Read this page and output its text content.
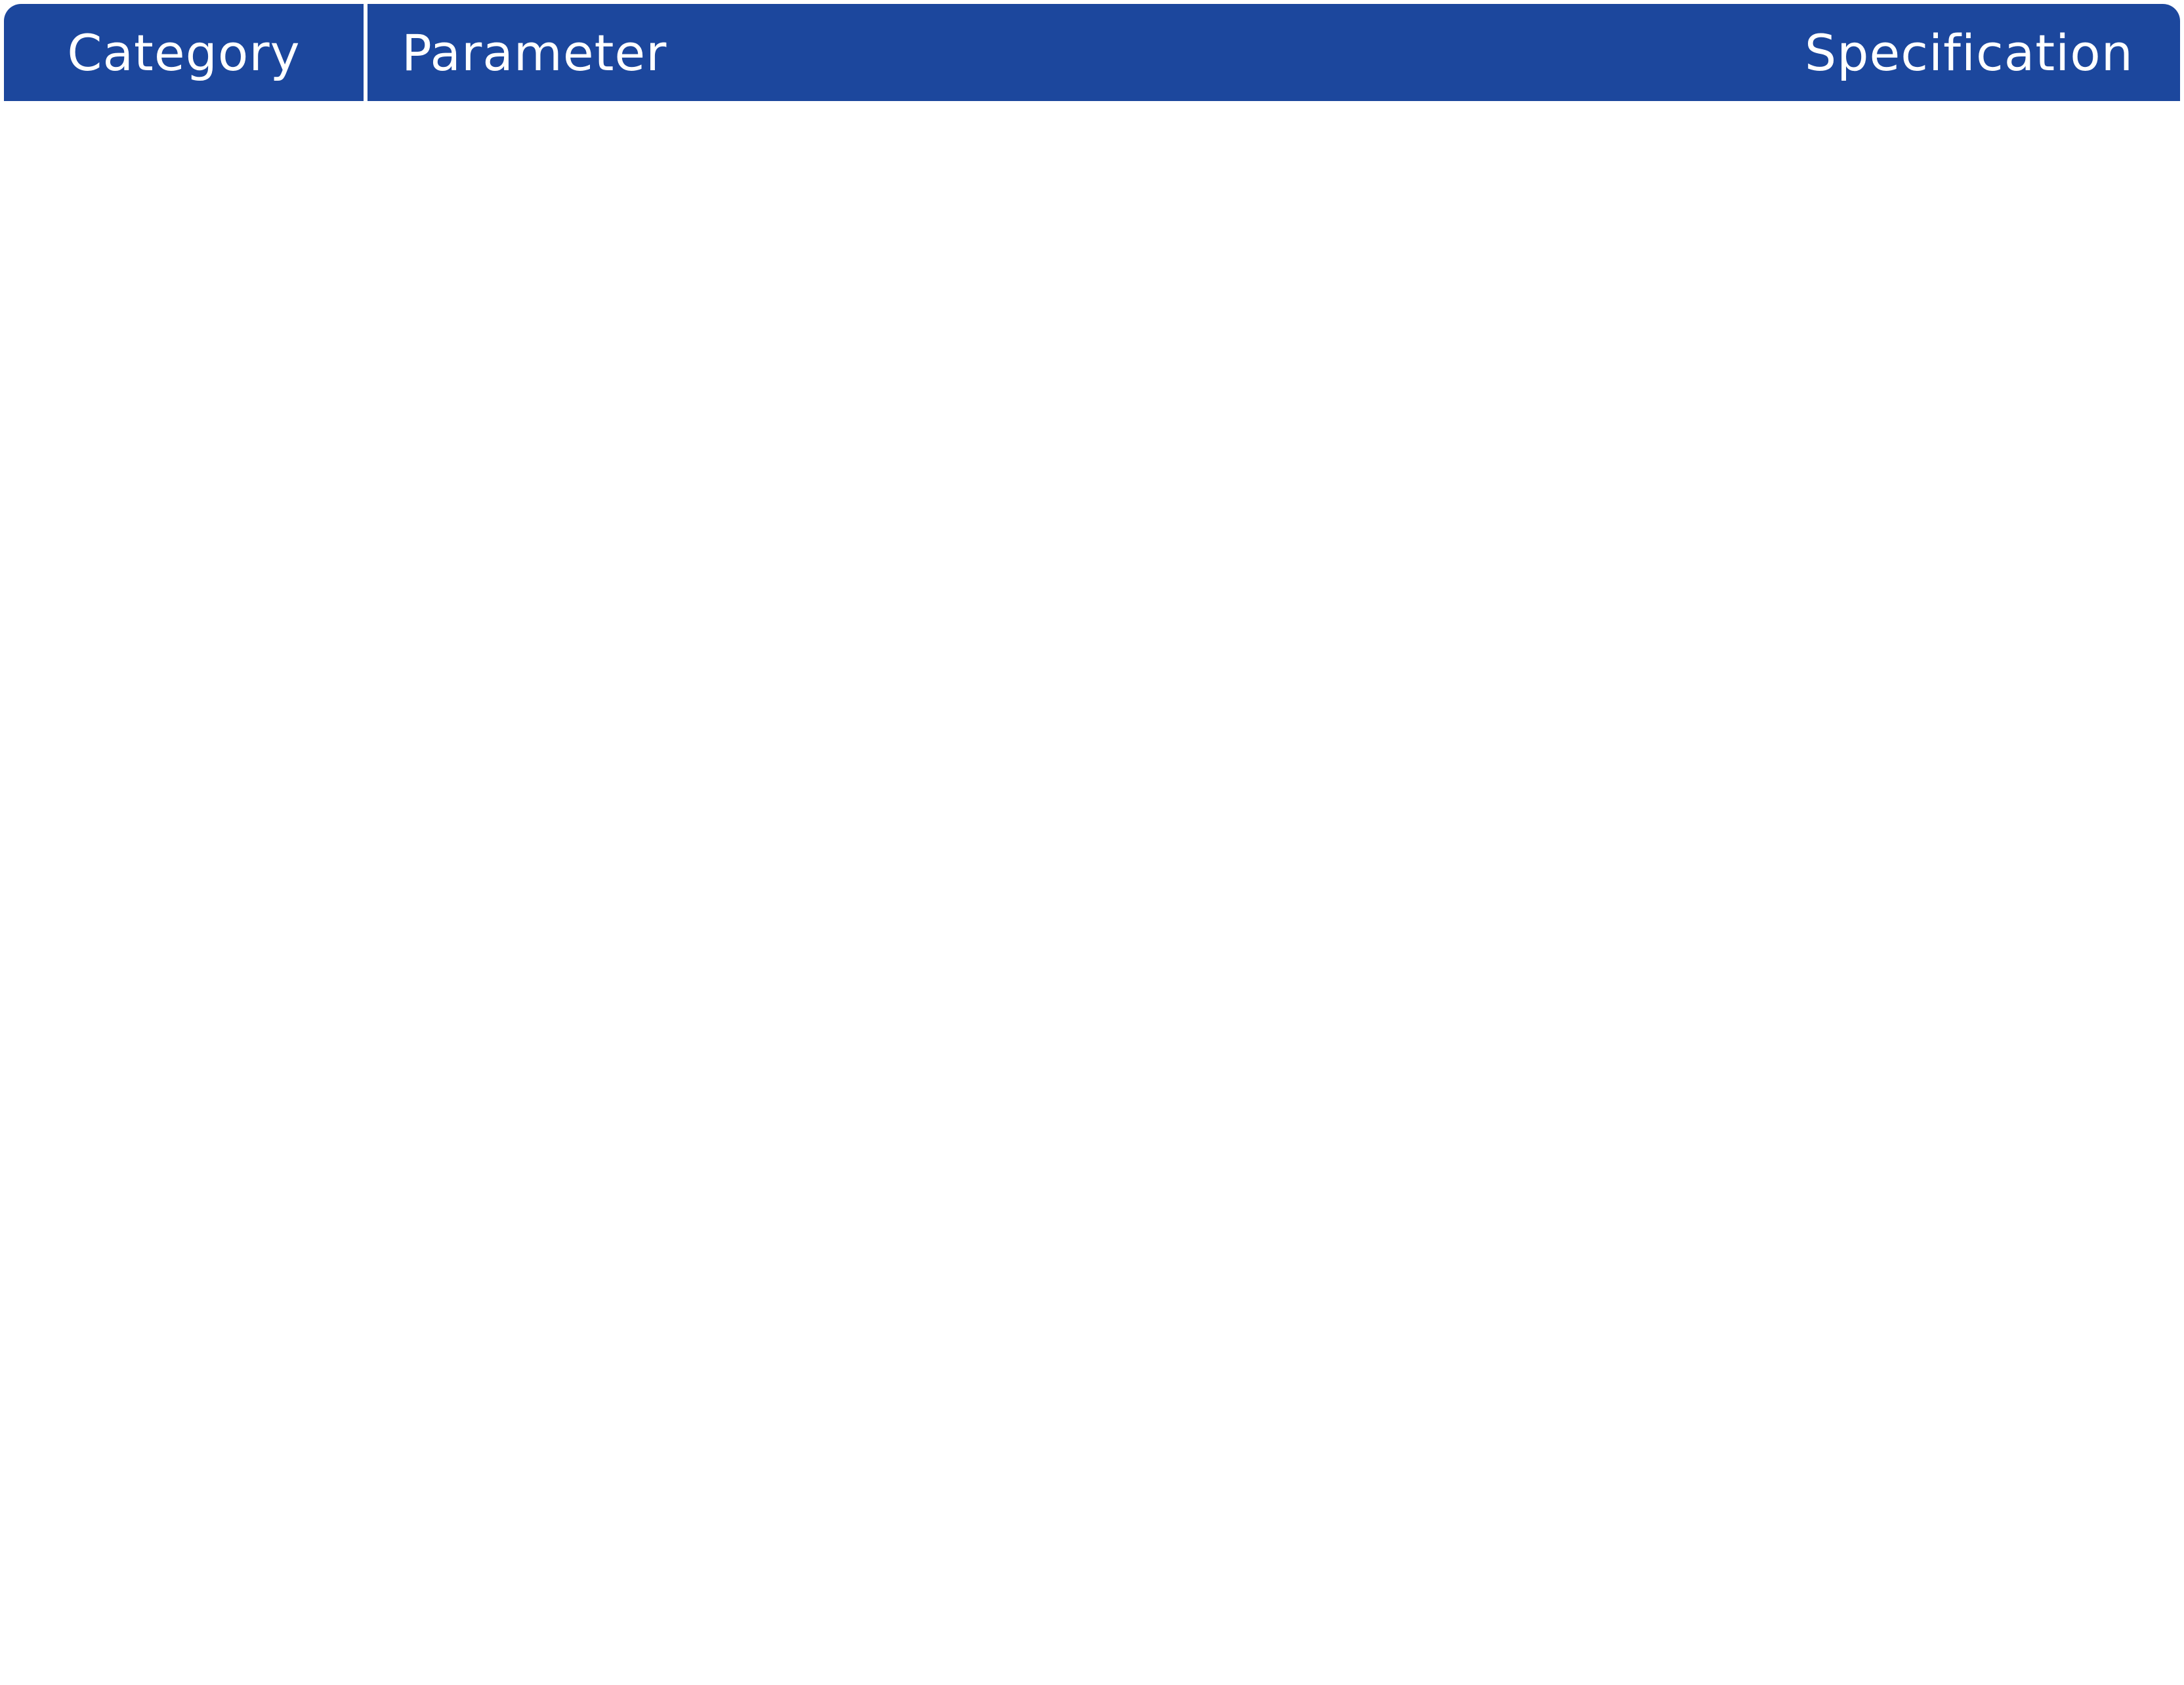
Category		Parameter	Specification
